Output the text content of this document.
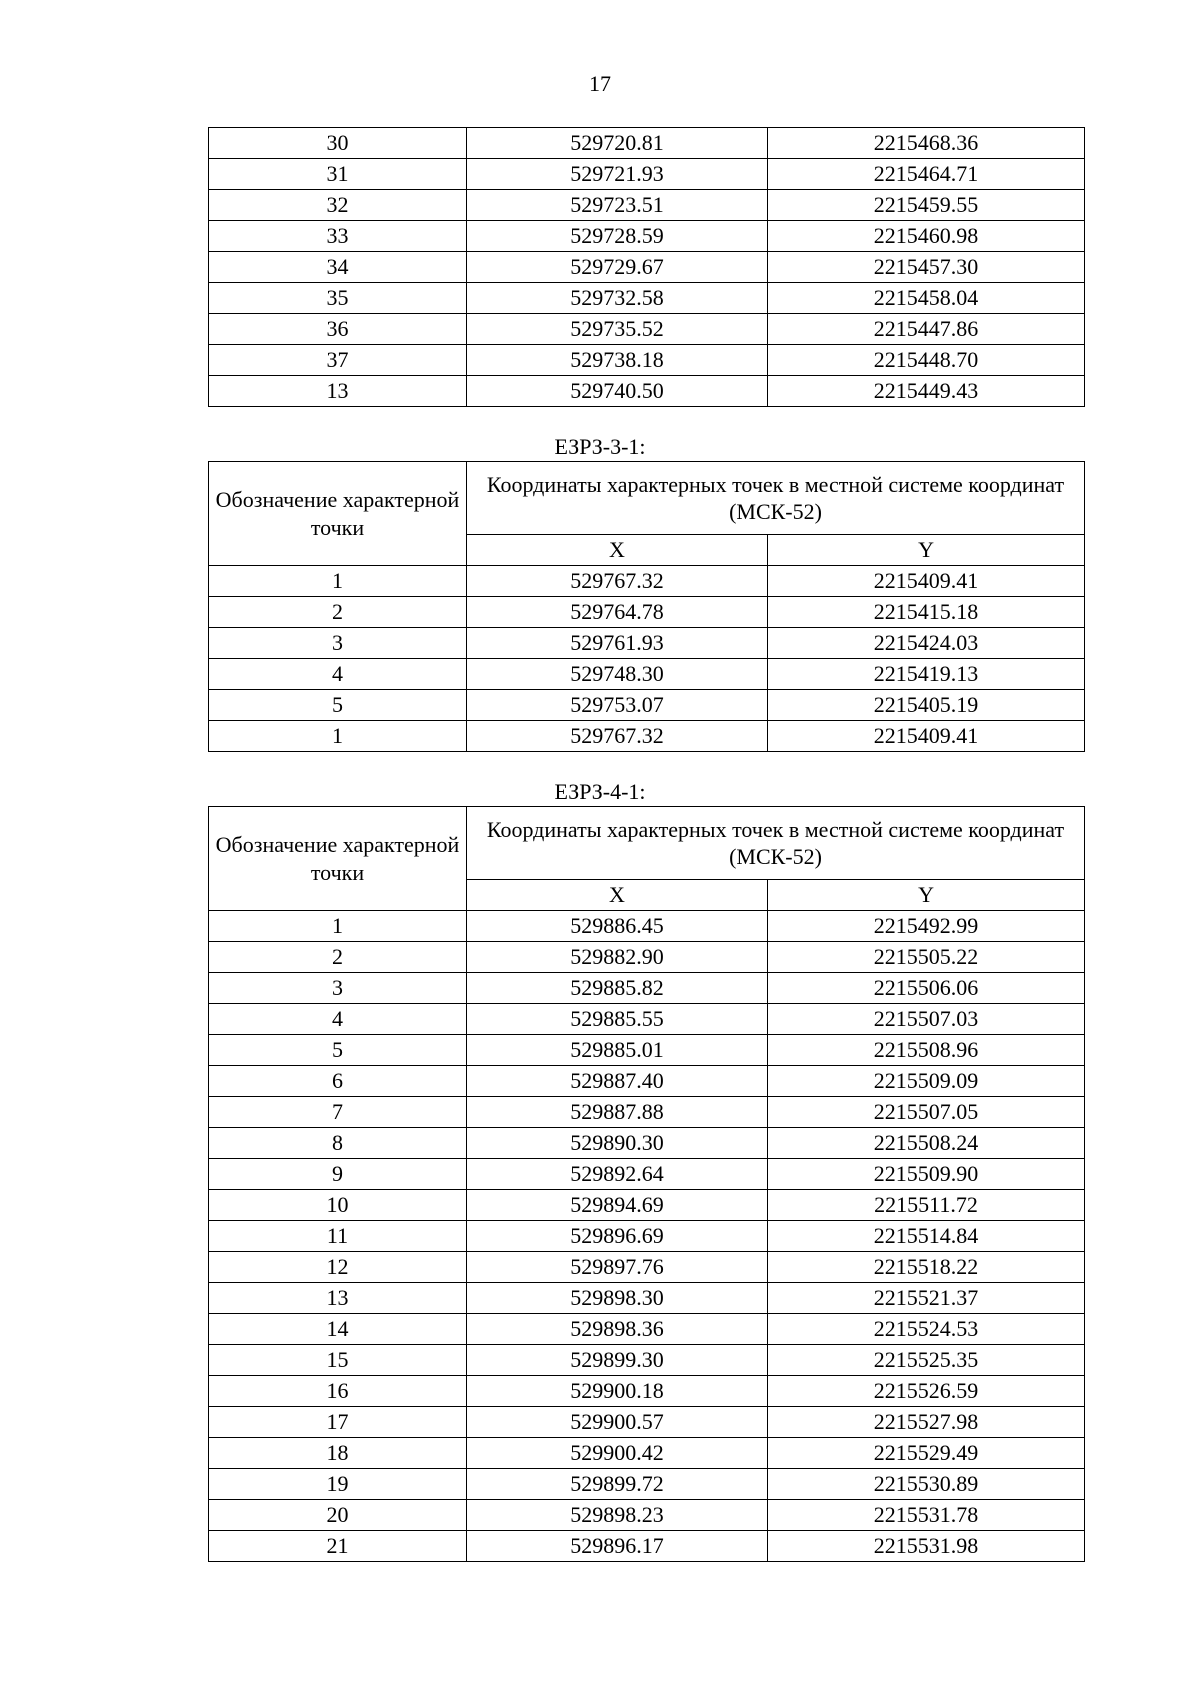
17
30	529720.81	2215468.36
31	529721.93	2215464.71
32	529723.51	2215459.55
33	529728.59	2215460.98
34	529729.67	2215457.30
35	529732.58	2215458.04
36	529735.52	2215447.86
37	529738.18	2215448.70
13	529740.50	2215449.43
ЕЗРЗ-3-1:
Обозначение характерной точки	Координаты характерных точек в местной системе координат (МСК-52)	
	X	Y
1	529767.32	2215409.41
2	529764.78	2215415.18
3	529761.93	2215424.03
4	529748.30	2215419.13
5	529753.07	2215405.19
1	529767.32	2215409.41
ЕЗРЗ-4-1:
Обозначение характерной точки	Координаты характерных точек в местной системе координат (МСК-52)	
	X	Y
1	529886.45	2215492.99
2	529882.90	2215505.22
3	529885.82	2215506.06
4	529885.55	2215507.03
5	529885.01	2215508.96
6	529887.40	2215509.09
7	529887.88	2215507.05
8	529890.30	2215508.24
9	529892.64	2215509.90
10	529894.69	2215511.72
11	529896.69	2215514.84
12	529897.76	2215518.22
13	529898.30	2215521.37
14	529898.36	2215524.53
15	529899.30	2215525.35
16	529900.18	2215526.59
17	529900.57	2215527.98
18	529900.42	2215529.49
19	529899.72	2215530.89
20	529898.23	2215531.78
21	529896.17	2215531.98
